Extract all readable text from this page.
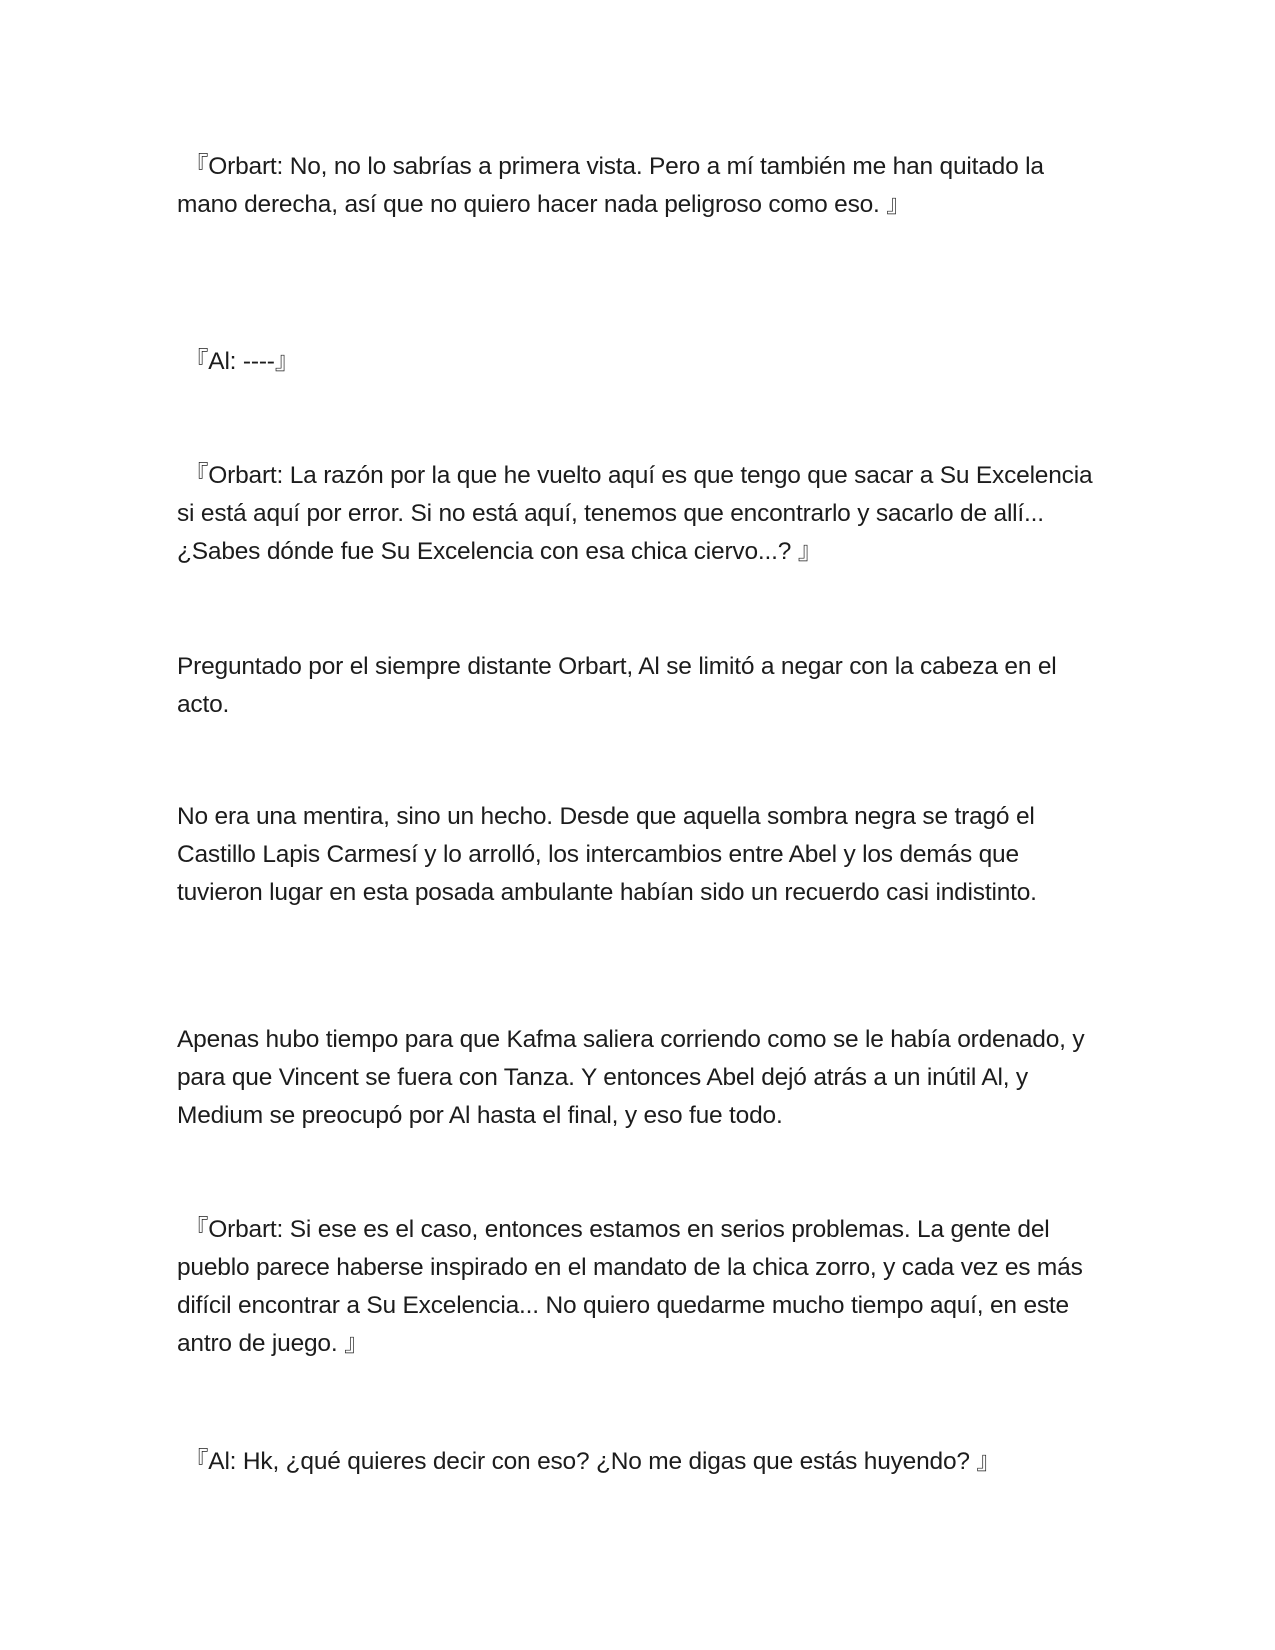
『Orbart: No, no lo sabrías a primera vista. Pero a mí también me han quitado la mano derecha, así que no quiero hacer nada peligroso como eso. 』

『Al: ----』

『Orbart: La razón por la que he vuelto aquí es que tengo que sacar a Su Excelencia si está aquí por error. Si no está aquí, tenemos que encontrarlo y sacarlo de allí... ¿Sabes dónde fue Su Excelencia con esa chica ciervo...? 』

Preguntado por el siempre distante Orbart, Al se limitó a negar con la cabeza en el acto.

No era una mentira, sino un hecho. Desde que aquella sombra negra se tragó el Castillo Lapis Carmesí y lo arrolló, los intercambios entre Abel y los demás que tuvieron lugar en esta posada ambulante habían sido un recuerdo casi indistinto.

Apenas hubo tiempo para que Kafma saliera corriendo como se le había ordenado, y para que Vincent se fuera con Tanza. Y entonces Abel dejó atrás a un inútil Al, y Medium se preocupó por Al hasta el final, y eso fue todo.

『Orbart: Si ese es el caso, entonces estamos en serios problemas. La gente del pueblo parece haberse inspirado en el mandato de la chica zorro, y cada vez es más difícil encontrar a Su Excelencia... No quiero quedarme mucho tiempo aquí, en este antro de juego. 』

『Al: Hk, ¿qué quieres decir con eso? ¿No me digas que estás huyendo? 』
